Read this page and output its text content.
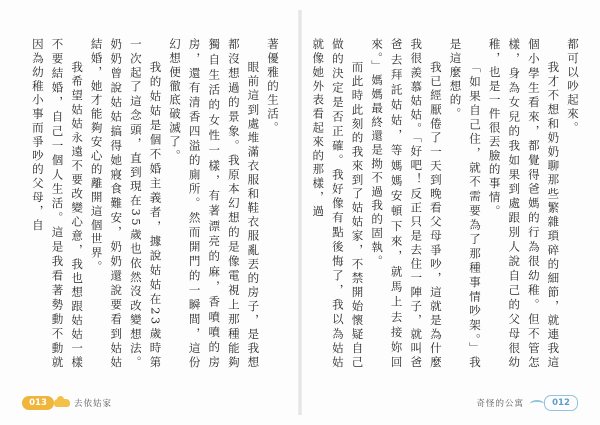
著優雅的生活。

眼前這到處堆滿衣服和鞋衣服亂丟的房子，是我想都沒想過的景象。我原本幻想的是像電視上那種能夠獨自生活的女性一樣，有著漂亮的麻，香噴噴的房房，還有清香四溢的廁所。然而開門的一瞬間，這份幻想便徹底破滅了。

我的姑姑是個不婚主義者，據說姑姑在23歲時第一次起了這念頭，直到現在35歲也依然沒改變想法。奶奶曾說姑姑搞得她寢食難安，奶奶還說要看到姑姑結婚，她才能夠安心的離開這個世界。

我希望姑姑永遠不要改變心意，我也想跟姑姑一樣不要結婚，自己一個人生活。這是我看著勢動不動就因為幼稚小事而爭吵的父母，自

013	去依姑家

都可以吵起來。

我才不想和奶奶聊那些繁雜瑣碎的細節，就連我這個小學生看來，都覺得爸媽的行為很幼稚。但不管怎樣，身為女兒的我如果到處跟別人說自己的父母很幼稚，也是一件很丟臉的事情。

「如果自己住，就不需要為了那種事情吵架。」我是這麼想的。

我已經厭倦了一天到晚看父母爭吵，這就是為什麼我很羨慕姑姑。「好吧！反正只是去住一陣子，就叫爸爸去拜託姑姑，等媽媽安頓下來，就馬上去接妳回來。」媽媽最終還是拗不過我的固執。

而此時此刻的我來到了姑姑家，不禁開始懷疑自己做的決定是否正確。我好像有點後悔了，我以為姑姑就像她外表看起來的那樣，過

奇怪的公寓	012
